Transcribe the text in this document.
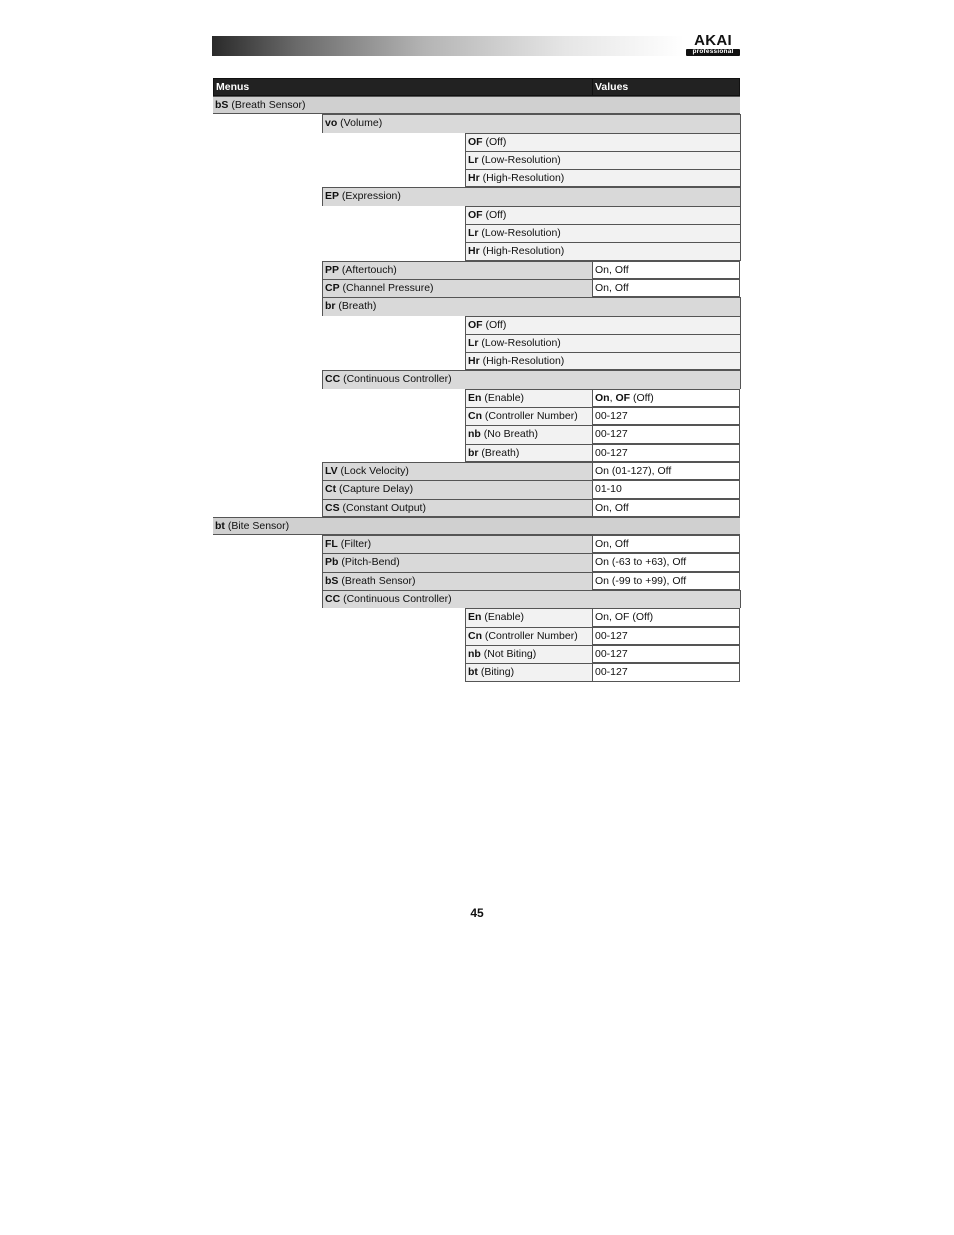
AKAI
professional
Menus	Values
bS (Breath Sensor)
vo (Volume)
OF (Off)
Lr (Low-Resolution)
Hr (High-Resolution)
EP (Expression)
OF (Off)
Lr (Low-Resolution)
Hr (High-Resolution)
PP (Aftertouch)	On, Off
CP (Channel Pressure)	On, Off
br (Breath)
OF (Off)
Lr (Low-Resolution)
Hr (High-Resolution)
CC (Continuous Controller)
En (Enable)	On, OF (Off)
Cn (Controller Number)	00-127
nb (No Breath)	00-127
br (Breath)	00-127
LV (Lock Velocity)	On (01-127), Off
Ct (Capture Delay)	01-10
CS (Constant Output)	On, Off
bt (Bite Sensor)
FL (Filter)	On, Off
Pb (Pitch-Bend)	On (-63 to +63), Off
bS (Breath Sensor)	On (-99 to +99), Off
CC (Continuous Controller)
En (Enable)	On, OF (Off)
Cn (Controller Number)	00-127
nb (Not Biting)	00-127
bt (Biting)	00-127
45
